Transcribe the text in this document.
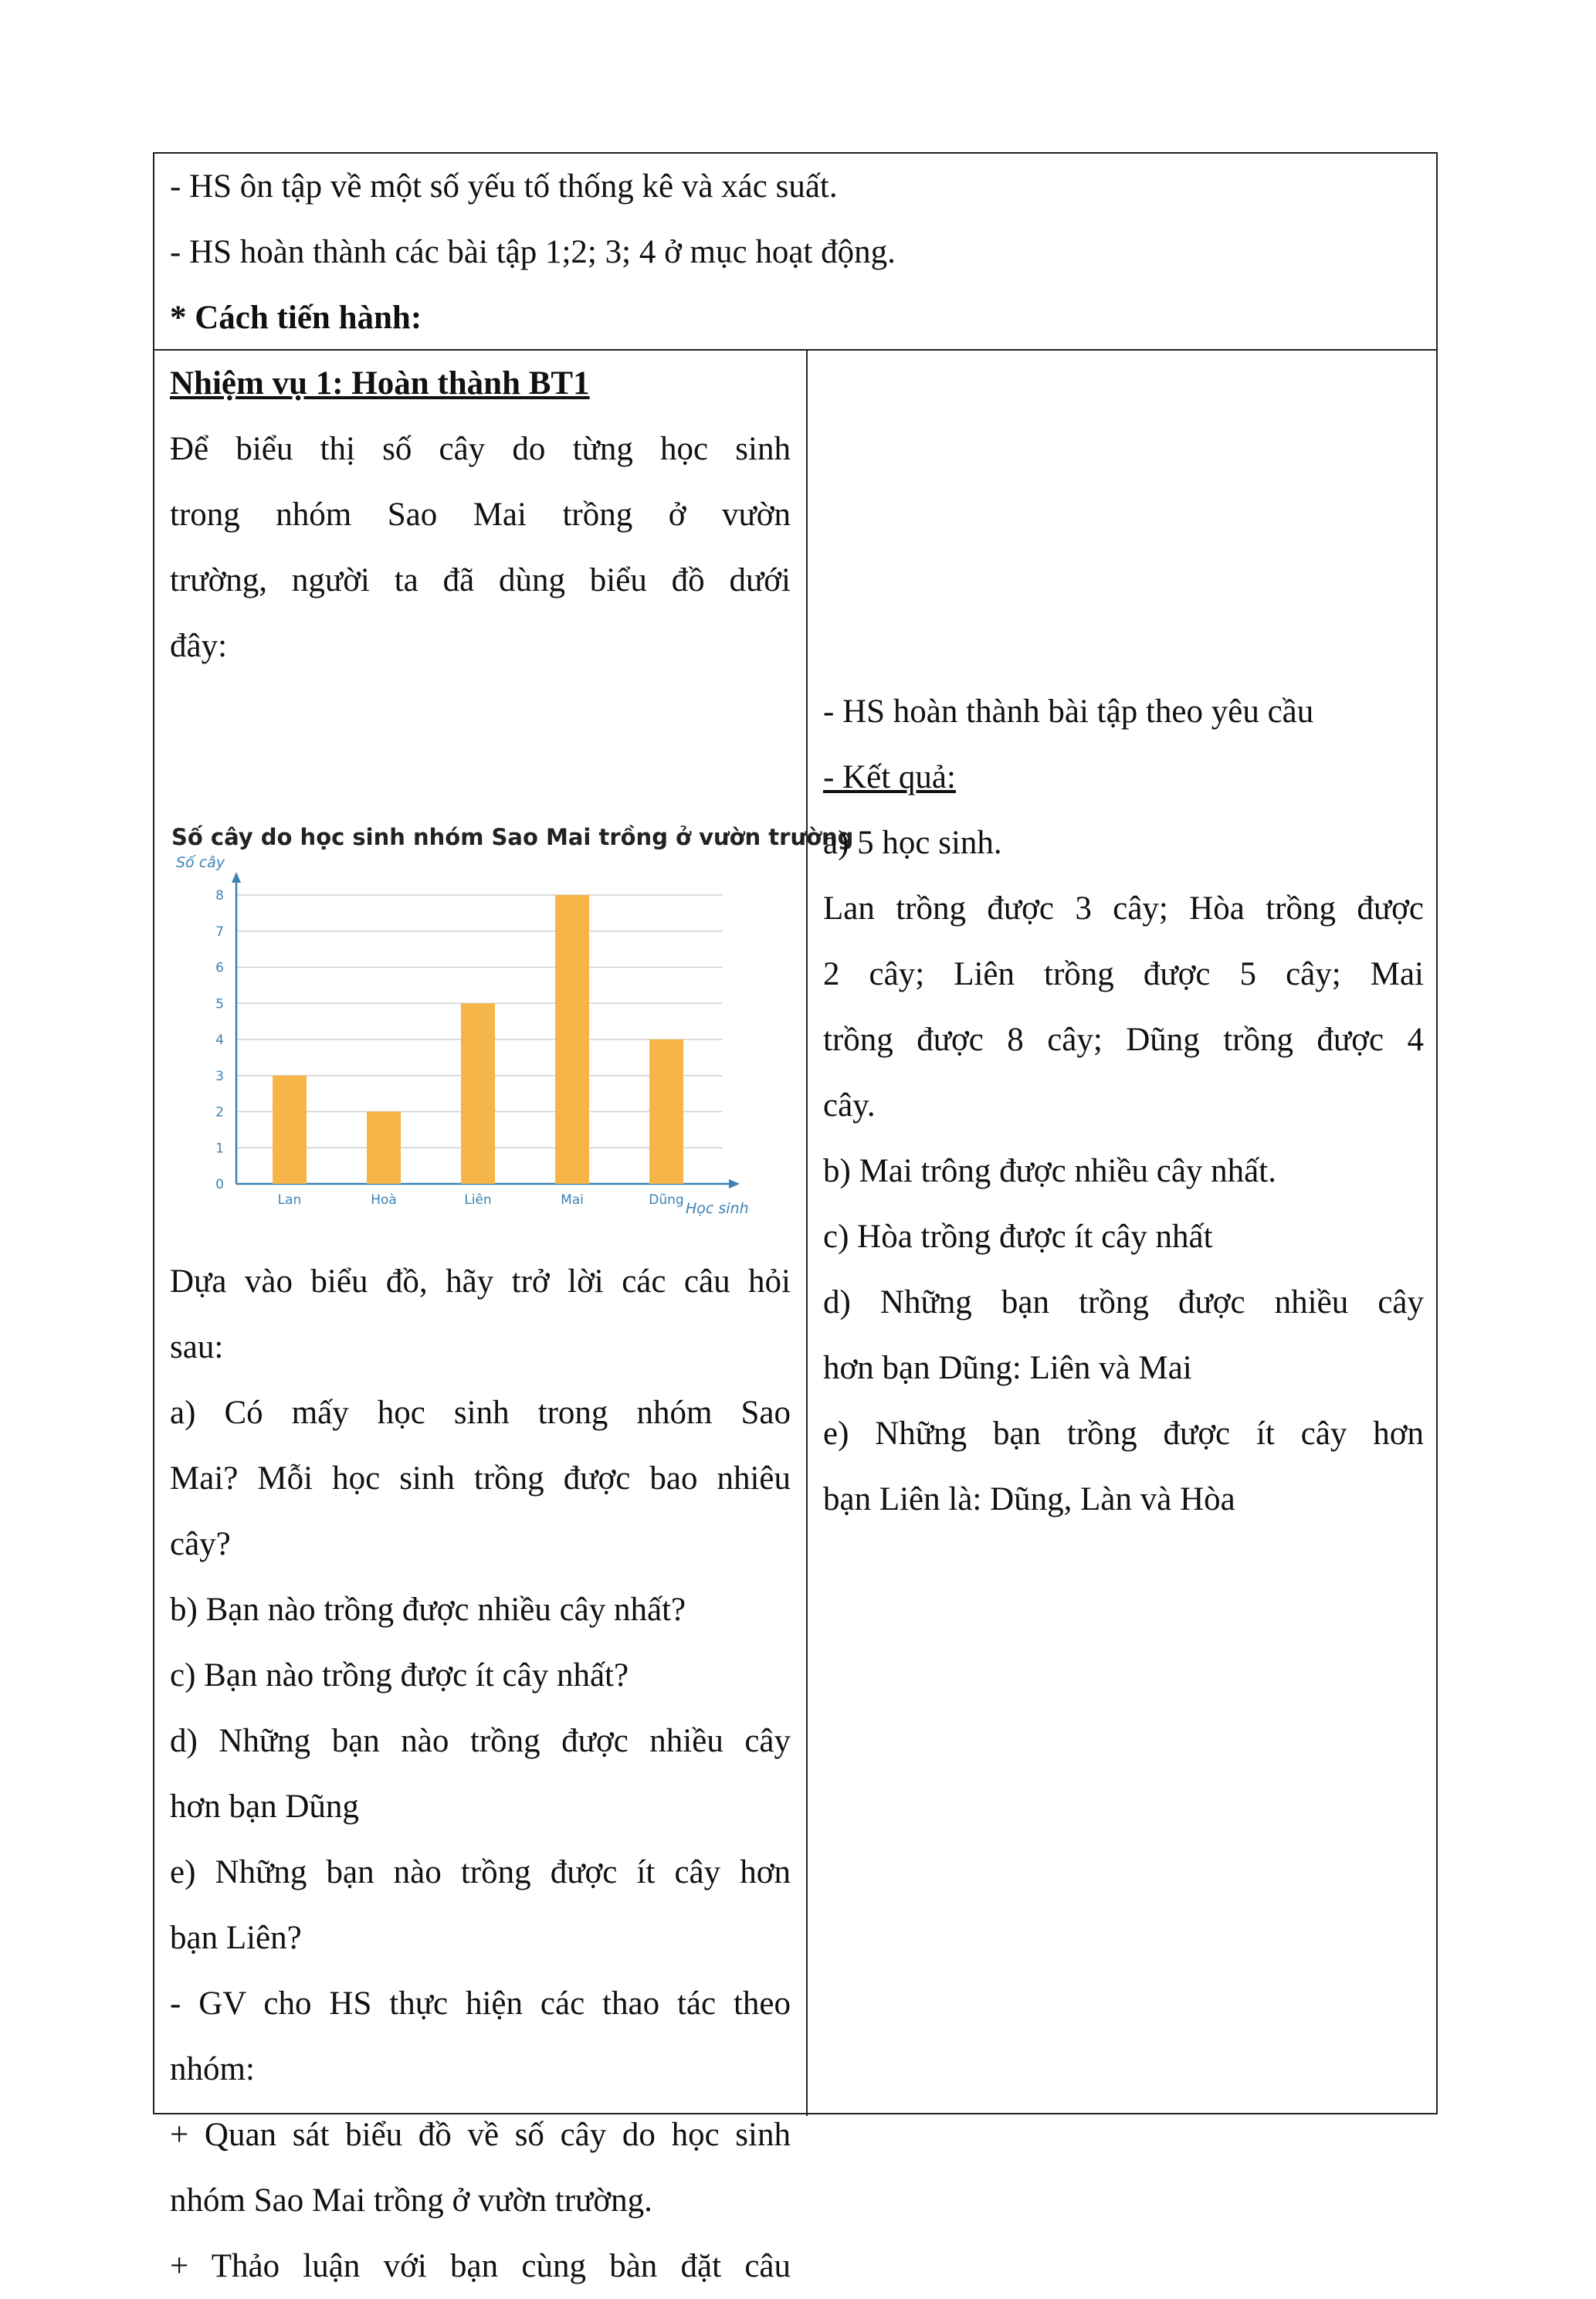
- HS ôn tập về một số yếu tố thống kê và xác suất.

- HS hoàn thành các bài tập 1;2; 3; 4 ở mục hoạt động.

* Cách tiến hành:

Nhiệm vụ 1: Hoàn thành BT1

Để biểu thị số cây do từng học sinh

trong nhóm Sao Mai trồng ở vườn

trường, người ta đã dùng biểu đồ dưới

đây:

Số cây do học sinh nhóm Sao Mai trồng ở vườn trường
0
1
2
3
4
5
6
7
8
Lan	Hoà	Liên	Mai	Dũng
Số cây
Học sinh

Dựa vào biểu đồ, hãy trở lời các câu hỏi

sau:

a) Có mấy học sinh trong nhóm Sao

Mai? Mỗi học sinh trồng được bao nhiêu

cây?

b) Bạn nào trồng được nhiều cây nhất?

c) Bạn nào trồng được ít cây nhất?

d) Những bạn nào trồng được nhiều cây

hơn bạn Dũng

e) Những bạn nào trồng được ít cây hơn

bạn Liên?

- GV cho HS thực hiện các thao tác theo

nhóm:

+ Quan sát biểu đồ về số cây do học sinh

nhóm Sao Mai trồng ở vườn trường.

+ Thảo luận với bạn cùng bàn đặt câu

- HS hoàn thành bài tập theo yêu cầu

- Kết quả:

a) 5 học sinh.

Lan trồng được 3 cây; Hòa trồng được

2 cây; Liên trồng được 5 cây; Mai

trồng được 8 cây; Dũng trồng được 4

cây.

b) Mai trông được nhiều cây nhất.

c) Hòa trồng được ít cây nhất

d) Những bạn trồng được nhiều cây

hơn bạn Dũng: Liên và Mai

e) Những bạn trồng được ít cây hơn

bạn Liên là: Dũng, Làn và Hòa
